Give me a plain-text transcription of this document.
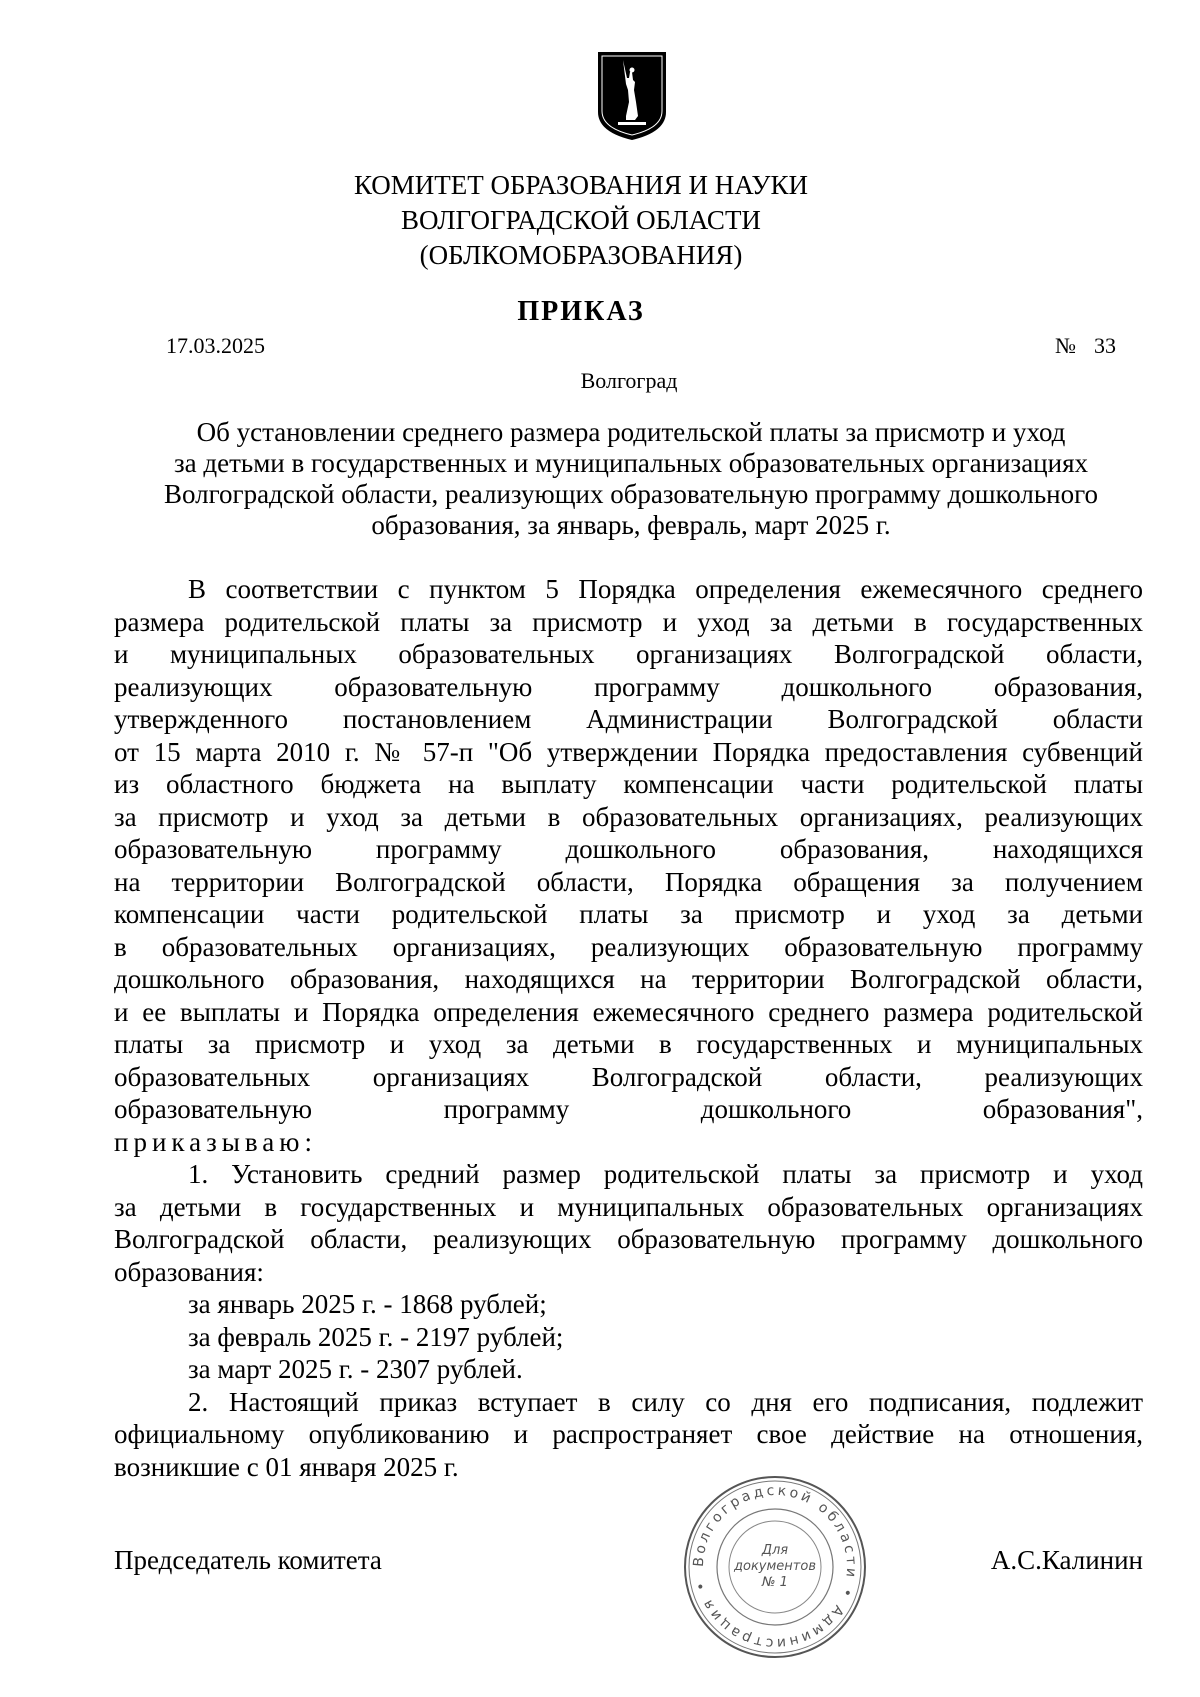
КОМИТЕТ ОБРАЗОВАНИЯ И НАУКИ
ВОЛГОГРАДСКОЙ ОБЛАСТИ
(ОБЛКОМОБРАЗОВАНИЯ)
ПРИКАЗ
17.03.2025	№ 33
Волгоград
Об установлении среднего размера родительской платы за присмотр и уход
за детьми в государственных и муниципальных образовательных организациях
Волгоградской области, реализующих образовательную программу дошкольного
образования, за январь, февраль, март 2025 г.
В соответствии с пунктом 5 Порядка определения ежемесячного среднего
размера родительской платы за присмотр и уход за детьми в государственных
и муниципальных образовательных организациях Волгоградской области,
реализующих образовательную программу дошкольного образования,
утвержденного постановлением Администрации Волгоградской области
от 15 марта 2010 г. № 57-п "Об утверждении Порядка предоставления субвенций
из областного бюджета на выплату компенсации части родительской платы
за присмотр и уход за детьми в образовательных организациях, реализующих
образовательную программу дошкольного образования, находящихся
на территории Волгоградской области, Порядка обращения за получением
компенсации части родительской платы за присмотр и уход за детьми
в образовательных организациях, реализующих образовательную программу
дошкольного образования, находящихся на территории Волгоградской области,
и ее выплаты и Порядка определения ежемесячного среднего размера родительской
платы за присмотр и уход за детьми в государственных и муниципальных
образовательных организациях Волгоградской области, реализующих
образовательную программу дошкольного образования",
приказываю:
1. Установить средний размер родительской платы за присмотр и уход
за детьми в государственных и муниципальных образовательных организациях
Волгоградской области, реализующих образовательную программу дошкольного
образования:
за январь 2025 г. - 1868 рублей;
за февраль 2025 г. - 2197 рублей;
за март 2025 г. - 2307 рублей.
2. Настоящий приказ вступает в силу со дня его подписания, подлежит
официальному опубликованию и распространяет свое действие на отношения,
возникшие с 01 января 2025 г.
Волгоградской области • Администрация •
Для
документов
№ 1
Председатель комитета	А.С.Калинин
